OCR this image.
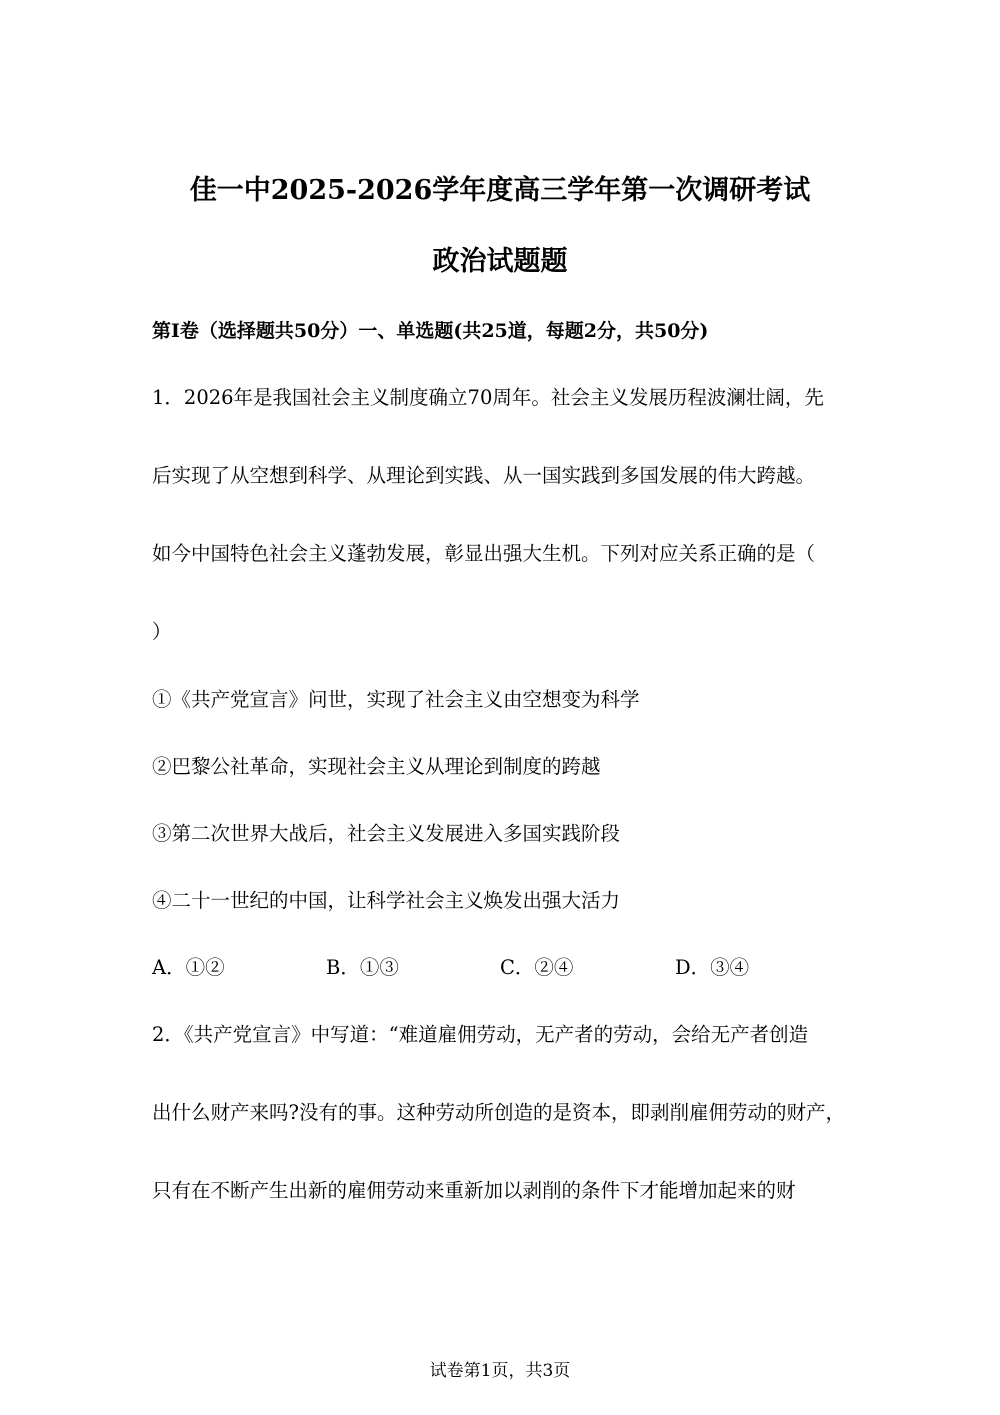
佳一中2025-2026学年度高三学年第一次调研考试
政治试题题
第I卷（选择题共50分）一、单选题(共25道，每题2分，共50分)
1．2026年是我国社会主义制度确立70周年。社会主义发展历程波澜壮阔，先
后实现了从空想到科学、从理论到实践、从一国实践到多国发展的伟大跨越。
如今中国特色社会主义蓬勃发展，彰显出强大生机。下列对应关系正确的是（
）
①《共产党宣言》问世，实现了社会主义由空想变为科学
②巴黎公社革命，实现社会主义从理论到制度的跨越
③第二次世界大战后，社会主义发展进入多国实践阶段
④二十一世纪的中国，让科学社会主义焕发出强大活力
A．①②	B．①③	C．②④	D．③④
2．《共产党宣言》中写道：“难道雇佣劳动，无产者的劳动，会给无产者创造
出什么财产来吗?没有的事。这种劳动所创造的是资本，即剥削雇佣劳动的财产，
只有在不断产生出新的雇佣劳动来重新加以剥削的条件下才能增加起来的财
试卷第1页，共3页
